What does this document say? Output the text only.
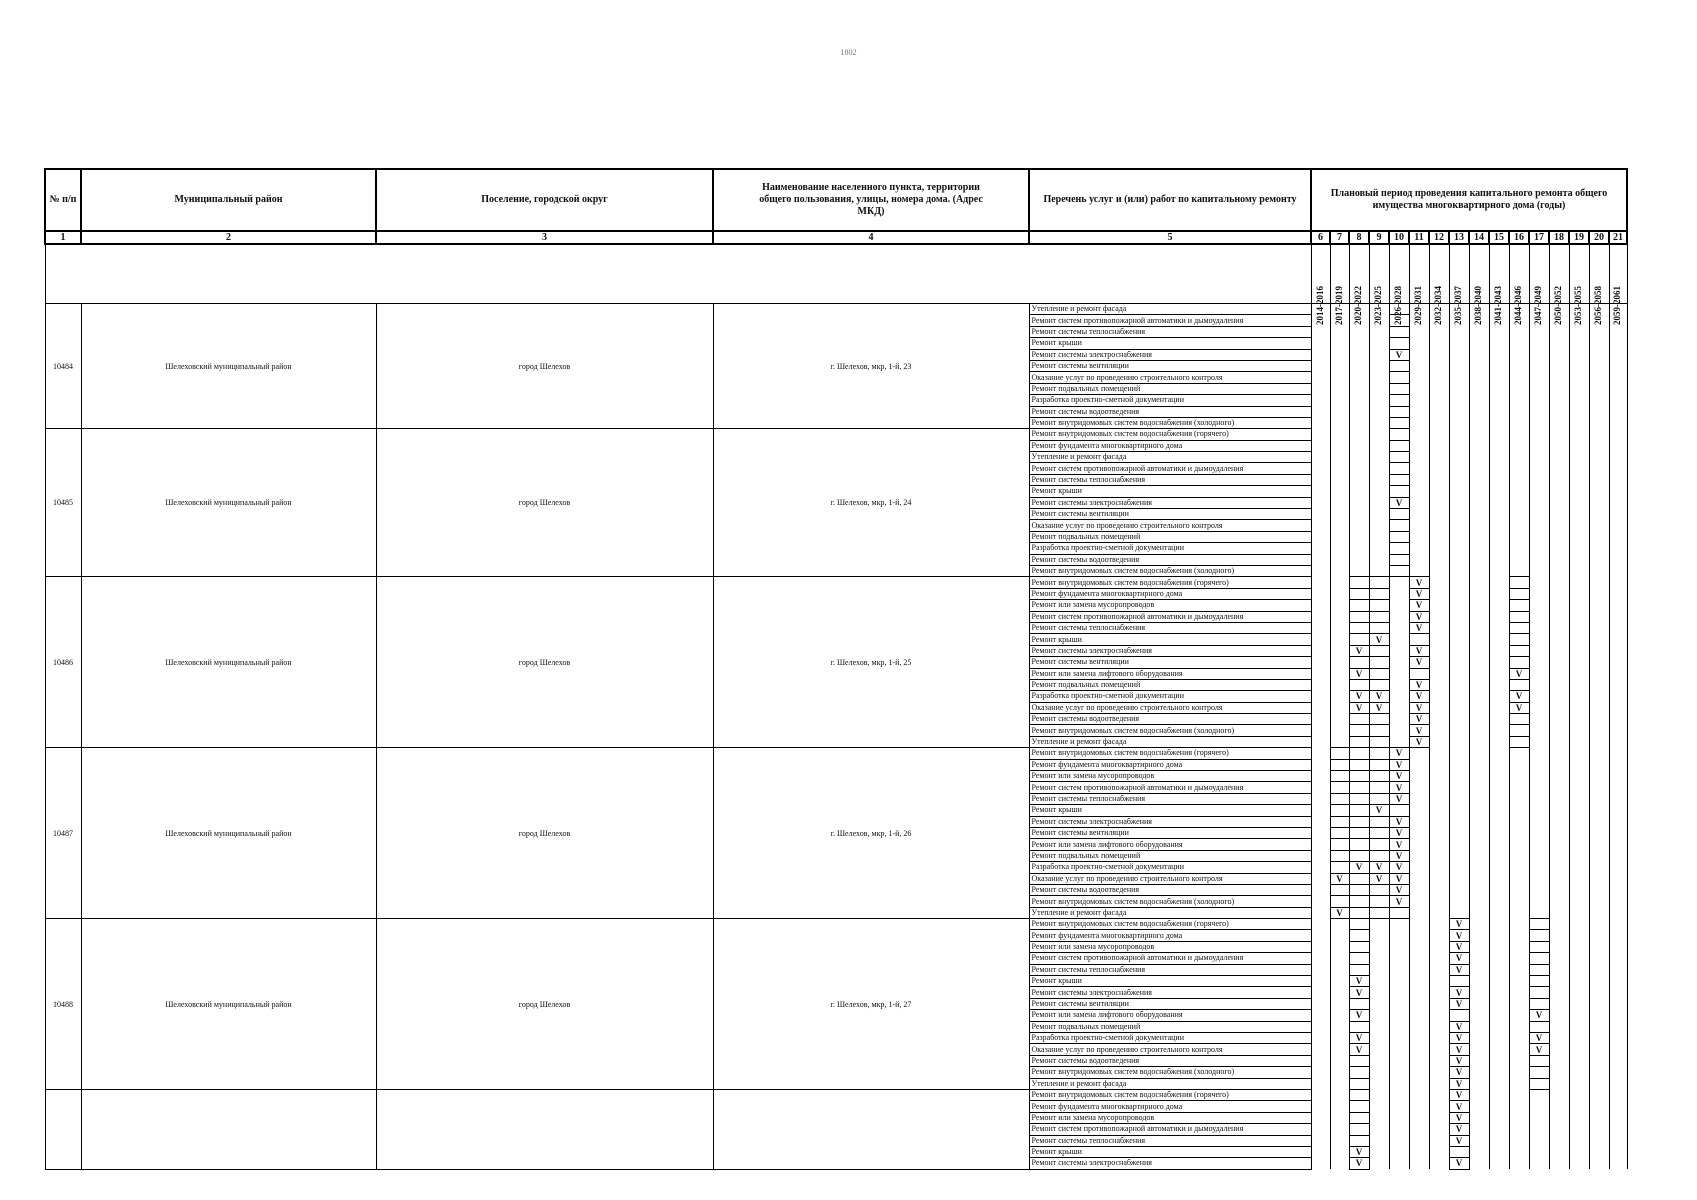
1802
№ п/п	Муниципальный район	Поселение, городской округ	Наименование населенного пункта, территории общего пользования, улицы, номера дома. (Адрес МКД)	Перечень услуг и (или) работ по капитальному ремонту	Плановый период проведения капитального ремонта общего имущества многоквартирного дома (годы)															
1	2	3	4	5	6	7	8	9	10	11	12	13	14	15	16	17	18	19	20	21

					2014-2016	2017-2019	2020-2022	2023-2025	2026-2028	2029-2031	2032-2034	2035-2037	2038-2040	2041-2043	2044-2046	2047-2049	2050-2052	2053-2055	2056-2058	2059-2061

10484	Шелеховский муниципальный район	город Шелехов	г. Шелехов, мкр, 1-й, 23	Утепление и ремонт фасада																
				Ремонт систем противопожарной автоматики и дымоудаления																
				Ремонт системы теплоснабжения																
				Ремонт крыши																
				Ремонт системы электроснабжения					V											
				Ремонт системы вентиляции																
				Оказание услуг по проведению строительного контроля																
				Ремонт подвальных помещений																
				Разработка проектно-сметной документации																
				Ремонт системы водоотведения																
				Ремонт внутридомовых систем водоснабжения (холодного)																
10485	Шелеховский муниципальный район	город Шелехов	г. Шелехов, мкр, 1-й, 24	Ремонт внутридомовых систем водоснабжения (горячего)																
				Ремонт фундамента многоквартирного дома																
				Утепление и ремонт фасада																
				Ремонт систем противопожарной автоматики и дымоудаления																
				Ремонт системы теплоснабжения																
				Ремонт крыши																
				Ремонт системы электроснабжения					V											
				Ремонт системы вентиляции																
				Оказание услуг по проведению строительного контроля																
				Ремонт подвальных помещений																
				Разработка проектно-сметной документации																
				Ремонт системы водоотведения																
				Ремонт внутридомовых систем водоснабжения (холодного)																
10486	Шелеховский муниципальный район	город Шелехов	г. Шелехов, мкр, 1-й, 25	Ремонт внутридомовых систем водоснабжения (горячего)						V										
				Ремонт фундамента многоквартирного дома						V										
				Ремонт или замена мусоропроводов						V										
				Ремонт систем противопожарной автоматики и дымоудаления						V										
				Ремонт системы теплоснабжения						V										
				Ремонт крыши				V												
				Ремонт системы электроснабжения			V			V										
				Ремонт системы вентиляции						V										
				Ремонт или замена лифтового оборудования			V								V					
				Ремонт подвальных помещений						V										
				Разработка проектно-сметной документации			V	V		V					V					
				Оказание услуг по проведению строительного контроля			V	V		V					V					
				Ремонт системы водоотведения						V										
				Ремонт внутридомовых систем водоснабжения (холодного)						V										
				Утепление и ремонт фасада						V										
10487	Шелеховский муниципальный район	город Шелехов	г. Шелехов, мкр, 1-й, 26	Ремонт внутридомовых систем водоснабжения (горячего)					V											
				Ремонт фундамента многоквартирного дома					V											
				Ремонт или замена мусоропроводов					V											
				Ремонт систем противопожарной автоматики и дымоудаления					V											
				Ремонт системы теплоснабжения					V											
				Ремонт крыши				V												
				Ремонт системы электроснабжения					V											
				Ремонт системы вентиляции					V											
				Ремонт или замена лифтового оборудования					V											
				Ремонт подвальных помещений					V											
				Разработка проектно-сметной документации			V	V	V											
				Оказание услуг по проведению строительного контроля		V		V	V											
				Ремонт системы водоотведения					V											
				Ремонт внутридомовых систем водоснабжения (холодного)					V											
				Утепление и ремонт фасада		V														
10488	Шелеховский муниципальный район	город Шелехов	г. Шелехов, мкр, 1-й, 27	Ремонт внутридомовых систем водоснабжения (горячего)								V								
				Ремонт фундамента многоквартирного дома								V								
				Ремонт или замена мусоропроводов								V								
				Ремонт систем противопожарной автоматики и дымоудаления								V								
				Ремонт системы теплоснабжения								V								
				Ремонт крыши			V													
				Ремонт системы электроснабжения			V					V								
				Ремонт системы вентиляции								V								
				Ремонт или замена лифтового оборудования			V									V				
				Ремонт подвальных помещений								V								
				Разработка проектно-сметной документации			V					V				V				
				Оказание услуг по проведению строительного контроля			V					V				V				
				Ремонт системы водоотведения								V								
				Ремонт внутридомовых систем водоснабжения (холодного)								V								
				Утепление и ремонт фасада								V								
				Ремонт внутридомовых систем водоснабжения (горячего)								V								
				Ремонт фундамента многоквартирного дома								V								
				Ремонт или замена мусоропроводов								V								
				Ремонт систем противопожарной автоматики и дымоудаления								V								
				Ремонт системы теплоснабжения								V								
				Ремонт крыши			V													
				Ремонт системы электроснабжения			V					V								
